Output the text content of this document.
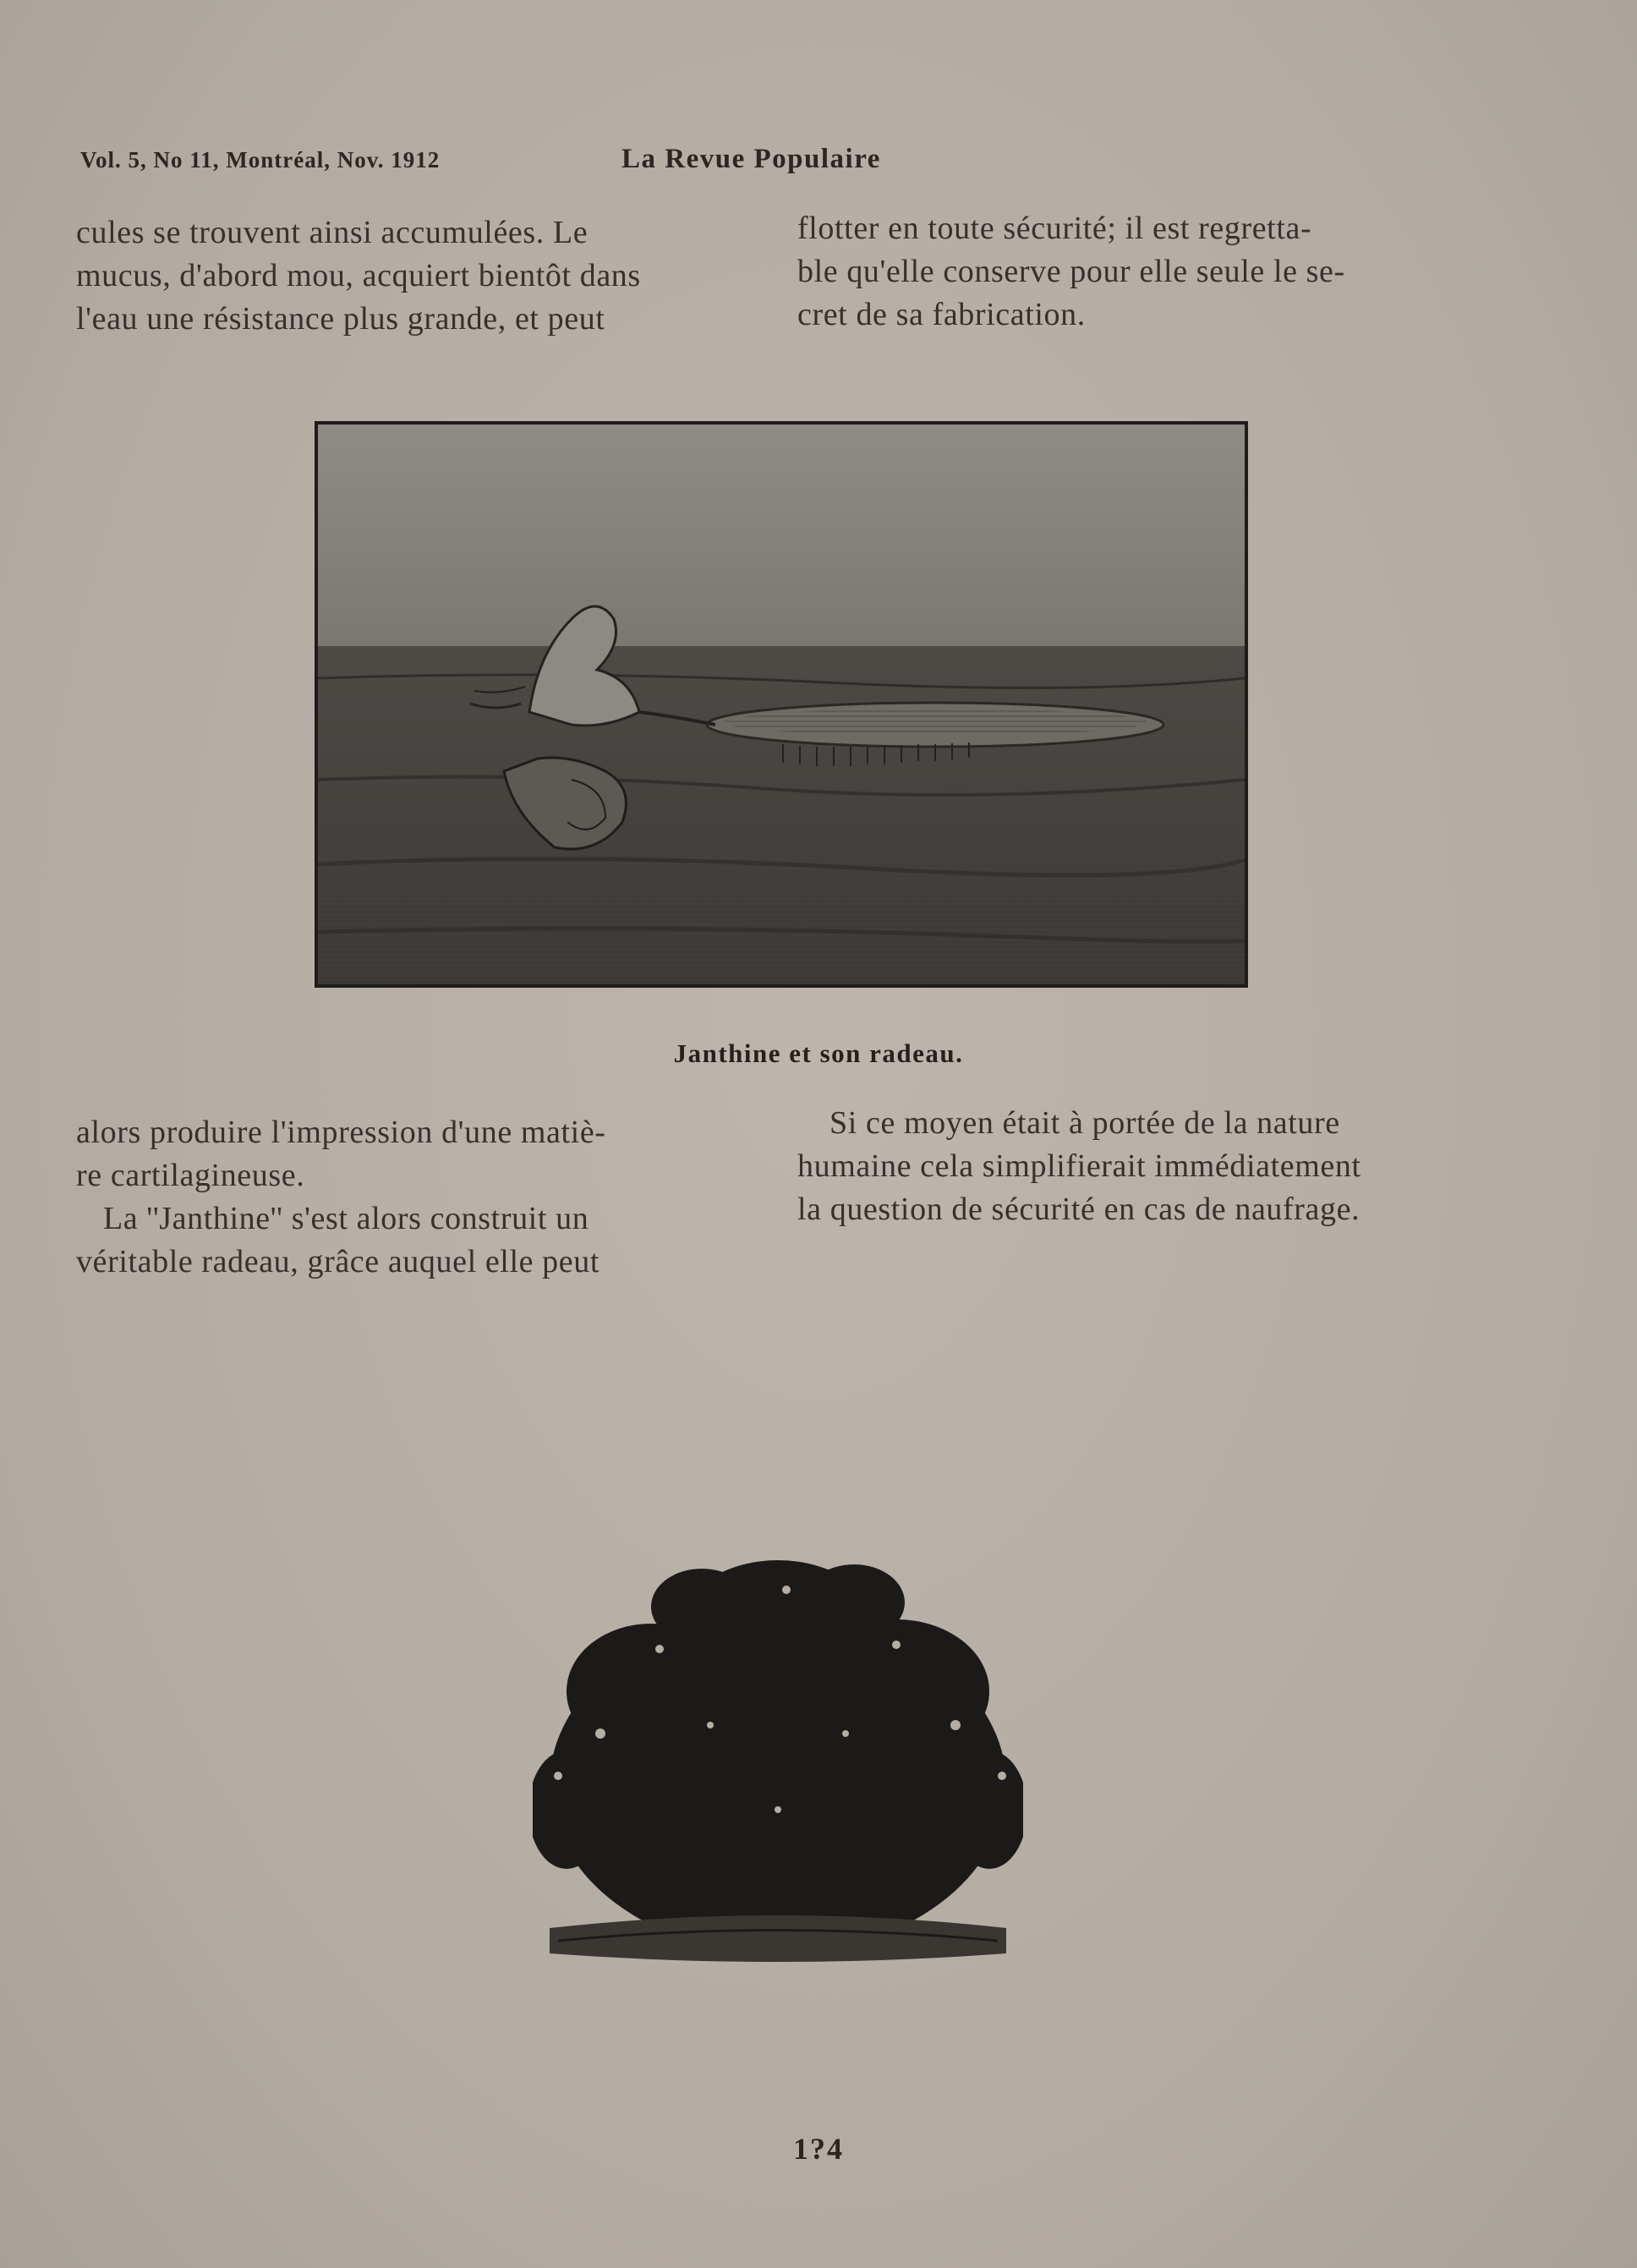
Vol. 5, No 11, Montréal, Nov. 1912	La Revue Populaire
cules se trouvent ainsi accumulées. Le
mucus, d'abord mou, acquiert bientôt dans
l'eau une résistance plus grande, et peut
flotter en toute sécurité; il est regretta-
ble qu'elle conserve pour elle seule le se-
cret de sa fabrication.
Janthine et son radeau.
alors produire l'impression d'une matiè-
re cartilagineuse.
La ''Janthine'' s'est alors construit un
véritable radeau, grâce auquel elle peut
Si ce moyen était à portée de la nature
humaine cela simplifierait immédiatement
la question de sécurité en cas de naufrage.
1?4
